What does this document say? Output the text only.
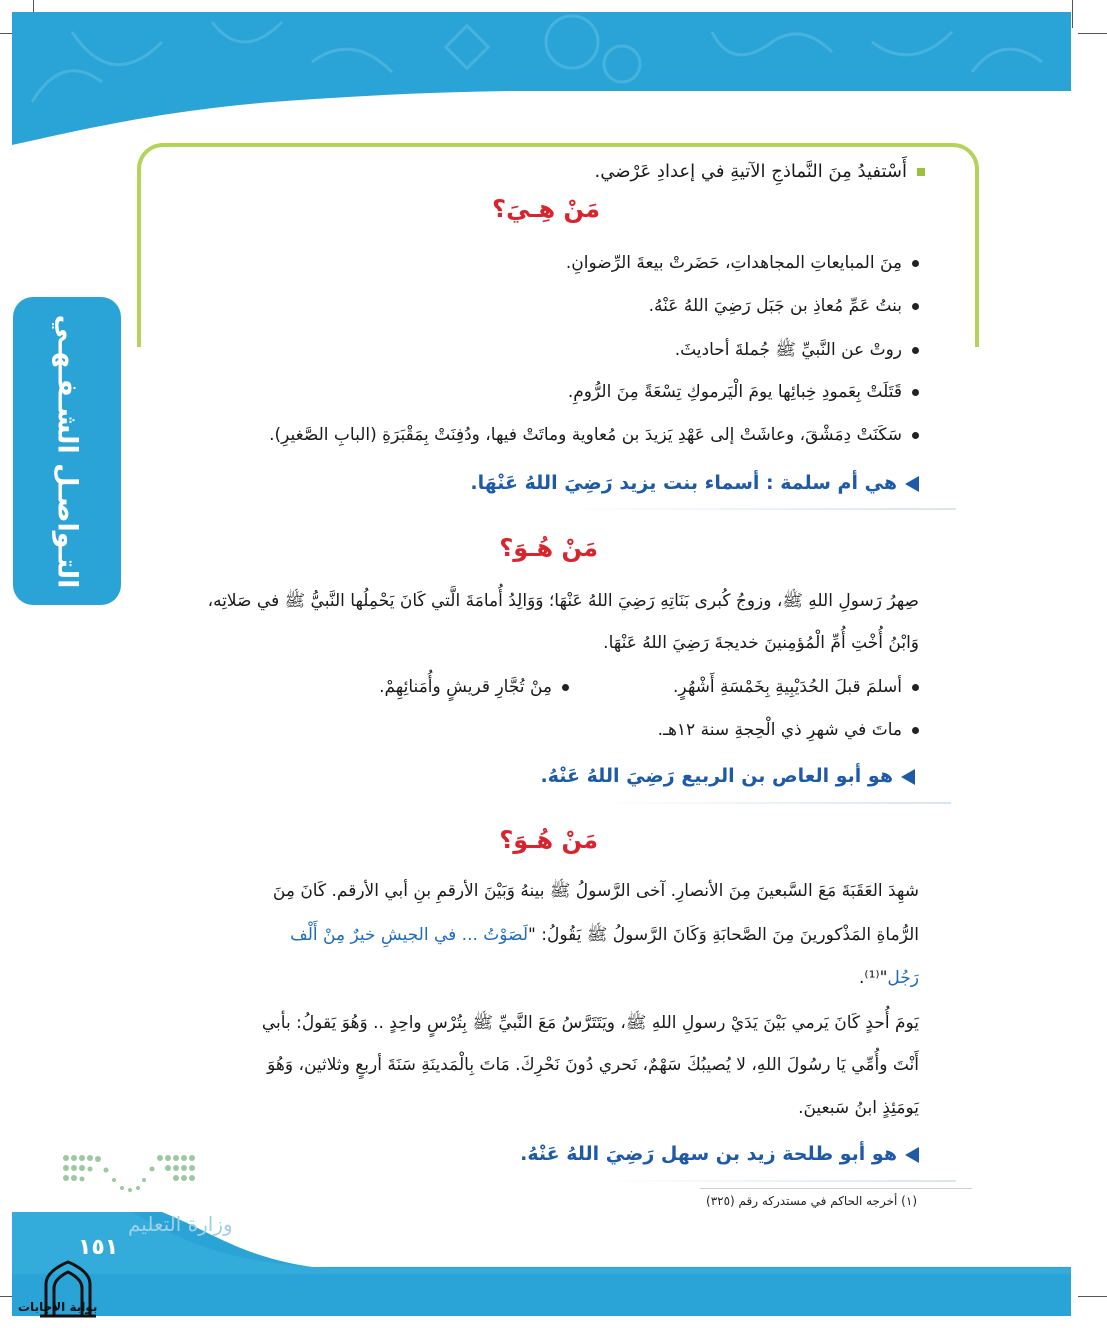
التـواصـل الشـفـهـي
أَسْتفيدُ مِنَ النَّماذجِ الآتيةِ في إعدادِ عَرْضي.
مَنْ هِـيَ؟
مِنَ المبايعاتِ المجاهداتِ، حَضَرتْ بيعةَ الرِّضوانِ.
بنتُ عَمِّ مُعاذِ بن جَبَل رَضِيَ اللهُ عَنْهُ.
روتْ عن النَّبيِّ ﷺ جُملةَ أحاديثَ.
قَتَلَتْ بِعَمودِ خِبائِها يومَ الْيَرموكِ تِسْعَةً مِنَ الرُّومِ.
سَكَنَتْ دِمَشْقَ، وعاشَتْ إلى عَهْدِ يَزيدَ بن مُعاوية وماتَتْ فيها، ودُفِنَتْ بِمَقْبَرَةِ (البابِ الصَّغيرِ).
هي أم سلمة : أسماء بنت يزيد رَضِيَ اللهُ عَنْهَا.
مَنْ هُـوَ؟
صِهرُ رَسولِ اللهِ ﷺ، وزوجُ كُبرى بَنَاتِهِ رَضِيَ اللهُ عَنْهَا؛ وَوَالِدُ أُمامَةَ الَّتي كَانَ يَحْمِلُها النَّبيُّ ﷺ في صَلاتِه،
وَابْنُ أُخْتِ أُمِّ الْمُؤمِنينَ خديجةَ رَضِيَ اللهُ عَنْهَا.
أسلمَ قبلَ الحُدَيْبِيةِ بِخَمْسَةِ أَشْهُرٍ.
مِنْ تُجَّارِ قريشٍ وأُمَنائِهِمْ.
ماتَ في شهرِ ذي الْحِجةِ سنة ١٢هـ.
هو أبو العاص بن الربيع رَضِيَ اللهُ عَنْهُ.
مَنْ هُـوَ؟
شهِدَ العَقَبَةَ مَعَ السَّبعينَ مِنَ الأنصارِ. آخى الرَّسولُ ﷺ بينهُ وَبَيْنَ الأرقمِ بنِ أبي الأرقم. كَانَ مِنَ
الرُّماةِ المَذْكورينَ مِنَ الصَّحابَةِ وَكَانَ الرَّسولُ ﷺ يَقُولُ: "لَصَوْتُ ... في الجيشِ خيرٌ مِنْ أَلْف
رَجُل"⁽¹⁾.
يَومَ أُحدٍ كَانَ يَرمي بَيْنَ يَدَيْ رسولِ اللهِ ﷺ، ويَتَتَرَّسُ مَعَ النَّبيِّ ﷺ بِتُرْسٍ واحِدٍ .. وَهُوَ يَقولُ: بأبي
أَنْتَ وأُمِّي يَا رسُولَ اللهِ، لا يُصيبُكَ سَهْمٌ، نَحري دُونَ نَحْرِكَ. مَاتَ بِالْمَدينَةِ سَنَةَ أربعٍ وثلاثين، وَهُوَ
يَومَئِذٍ ابنُ سَبعينَ.
هو أبو طلحة زيد بن سهل رَضِيَ اللهُ عَنْهُ.
(١) أخرجه الحاكم في مستدركه رقم (٣٢٥)
وزارة التعليم
١٥١
بوابة الإجابات
